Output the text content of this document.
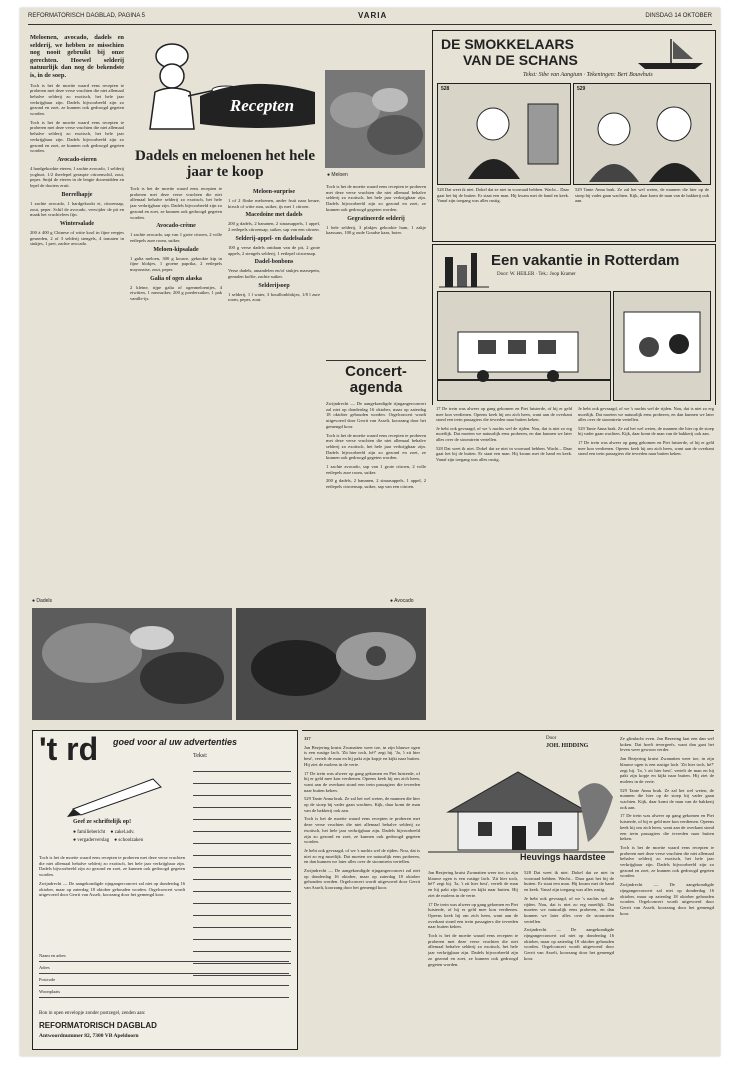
REFORMATORISCH DAGBLAD, PAGINA 5	VARIA	DINSDAG 14 OKTOBER

Meloenen, avocado, dadels en selderij, we hebben ze misschien nog nooit gebruikt bij onze gerechten. Hoewel selderij natuurlijk dan nog de bekendste is, in de soep.

Toch is het de moeite waard eens recepten te proberen met deze verse vruchten die niet allemaal behalve selderij zo exotisch, het hele jaar verkrijgbaar zijn. Dadels bijvoorbeeld zijn zo gezond en zoet, ze kunnen ook gedroogd gegeten worden.

Toch is het de moeite waard eens recepten te proberen met deze verse vruchten die niet allemaal behalve selderij zo exotisch, het hele jaar verkrijgbaar zijn. Dadels bijvoorbeeld zijn zo gezond en zoet, ze kunnen ook gedroogd gegeten worden.

Avocado-eieren

4 hardgekookte eieren, 1 zachte avocado, 1 selderij yoghurt, 1/2 theelepel geraspte citroenschil, zout, peper. Snijd de eieren in de lengte doormidden en lepel de dooiers eruit.

Borrelhapje

1 zachte avocado, 1 hardgekookt ei, citroensap, zout, peper. Schil de avocado, verwijder de pit en maak het vruchtvlees fijn.

Wintersalade

200 à 400 g Chinese of witte kool in fijne reepjes gesneden, 2 of 3 selderij stengels, 4 tomaten in stukjes, 1 prei, zachte avocado.

● Dadels
Recepten
● Meloen
Dadels en meloenen het hele jaar te koop

Toch is het de moeite waard eens recepten te proberen met deze verse vruchten die niet allemaal behalve selderij zo exotisch, het hele jaar verkrijgbaar zijn. Dadels bijvoorbeeld zijn zo gezond en zoet, ze kunnen ook gedroogd gegeten worden.

Avocado-crème

1 zachte avocado, sap van 1 grote citroen, 2 volle eetlepels zure room, suiker.

Meloen-kipsalade

1 galia meloen, 300 g kouwe, gekookte kip in fijne blokjes, 1 groene paprika, 2 eetlepels mayonaise, zout, peper.

Galia of ogen alaska

2 kleine, rijpe galia of ogenmeloentjes, 4 eiwitten, 1 meosuiker, 200 g poedersuiker, 1 pak vanille-ijs.

Meloen-surprise

1 of 2 flinke meloenen, ander fruit naar keuze, kirsch of witte rum, suiker, ijs met 1 citroen.

Macedoine met dadels

200 g dadels, 2 bananen, 2 sinaasappels, 1 appel, 2 eetlepels citroensap, suiker, sap van een citroen.

Selderij-appel- en dadelsalade

100 g verse dadels ontdaan van de pit, 2 grote appels, 2 stengels selderij, 1 eetlepel citroensap.

Dadel-bonbons

Verse dadels, amandelen en/of stukjes marsepein, gemalen koffie, zachte suiker.

Selderijsoep

1 selderij, 1 l water, 3 bouillonblokjes, 1/8 l zure room, peper, zout.

Toch is het de moeite waard eens recepten te proberen met deze verse vruchten die niet allemaal behalve selderij zo exotisch, het hele jaar verkrijgbaar zijn. Dadels bijvoorbeeld zijn zo gezond en zoet, ze kunnen ook gedroogd gegeten worden.

Gegratineerde selderij

1 hele selderij, 3 plakjes gekookte ham, 1 zakje kaassaus, 100 g oude Goudse kaas, boter.

Concert-agenda

Zwijndrecht — De aangekondigde rijngangerconcert zal niet op donderdag 16 oktober, maar op zaterdag 18 oktober gehouden worden. Orgelconcert wordt uitgevoerd door Gerrit van Asselt, koorzang door het gemengd koor.

Toch is het de moeite waard eens recepten te proberen met deze verse vruchten die niet allemaal behalve selderij zo exotisch, het hele jaar verkrijgbaar zijn. Dadels bijvoorbeeld zijn zo gezond en zoet, ze kunnen ook gedroogd gegeten worden.

1 zachte avocado, sap van 1 grote citroen, 2 volle eetlepels zure room, suiker.

200 g dadels, 2 bananen, 2 sinaasappels, 1 appel, 2 eetlepels citroensap, suiker, sap van een citroen.

● Avocado
DE SMOKKELAARS
VAN DE SCHANS
Tekst: Sibe van Aangium · Tekeningen: Bert Bouwhuis
528	529
528 Dat weet ik niet. Dokel dat ze niet in voorraad hebben. Wacht... Daar gaat het bij de buiten. Er staat een man. Hij kwam met de hand en keek. Vanaf zijn toegang was alles rustig.
529 Tante Anna brak. Ze zal het wel weten, de mannen die hier op de stoep bij vader gaan wachten. Kijk, daar komt de man van de bakkerij ook aan.
Een vakantie in Rotterdam
Door: W. HEILER · Tek.: Joop Kramer

17 De trein was alweer op gang gekomen en Piet luisterde, of hij er geld mee kon verdienen. Opeens keek hij om zich heen, want aan de overkant stond een trein passagiers die tevreden naar buiten keken.

Je hebt ook gevraagd, of we 's nachts wel de rijden. Nou, dat is niet zo erg moeilijk. Dat moeten we natuurlijk eens proberen, en dan kunnen we later alles over de stoomtrein vertellen.

528 Dat weet ik niet. Dokel dat ze niet in voorraad hebben. Wacht... Daar gaat het bij de buiten. Er staat een man. Hij kwam met de hand en keek. Vanaf zijn toegang was alles rustig.

Je hebt ook gevraagd, of we 's nachts wel de rijden. Nou, dat is niet zo erg moeilijk. Dat moeten we natuurlijk eens proberen, en dan kunnen we later alles over de stoomtrein vertellen.

529 Tante Anna brak. Ze zal het wel weten, de mannen die hier op de stoep bij vader gaan wachten. Kijk, daar komt de man van de bakkerij ook aan.

17 De trein was alweer op gang gekomen en Piet luisterde, of hij er geld mee kon verdienen. Opeens keek hij om zich heen, want aan de overkant stond een trein passagiers die tevreden naar buiten keken.

't rd goed voor al uw advertenties
Tekst:
Geef ze schriftelijk op!
● familiebericht    ● zakel.adv.
● vergaderverslag    ● schoolzaken

Toch is het de moeite waard eens recepten te proberen met deze verse vruchten die niet allemaal behalve selderij zo exotisch, het hele jaar verkrijgbaar zijn. Dadels bijvoorbeeld zijn zo gezond en zoet, ze kunnen ook gedroogd gegeten worden.

Zwijndrecht — De aangekondigde rijngangerconcert zal niet op donderdag 16 oktober, maar op zaterdag 18 oktober gehouden worden. Orgelconcert wordt uitgevoerd door Gerrit van Asselt, koorzang door het gemengd koor.

Naam en adres
Adres
Postcode
Woonplaats
Bon in open envelopje zonder postzegel, zenden aan:
REFORMATORISCH DAGBLAD
Antwoordnummer 82, 7300 VB Apeldoorn

117

Jan Bezjering kruist Zwanatten weer toe, in zijn blauwe ogen is een rustige lach. 'Zit hier toch, hè?' zegt hij. 'Ja, 't zit hier best', vertelt de man en hij pakt zijn kopje en kijkt naar buiten. Hij ziet de molens in de verte.

17 De trein was alweer op gang gekomen en Piet luisterde, of hij er geld mee kon verdienen. Opeens keek hij om zich heen, want aan de overkant stond een trein passagiers die tevreden naar buiten keken.

529 Tante Anna brak. Ze zal het wel weten, de mannen die hier op de stoep bij vader gaan wachten. Kijk, daar komt de man van de bakkerij ook aan.

Toch is het de moeite waard eens recepten te proberen met deze verse vruchten die niet allemaal behalve selderij zo exotisch, het hele jaar verkrijgbaar zijn. Dadels bijvoorbeeld zijn zo gezond en zoet, ze kunnen ook gedroogd gegeten worden.

Je hebt ook gevraagd, of we 's nachts wel de rijden. Nou, dat is niet zo erg moeilijk. Dat moeten we natuurlijk eens proberen, en dan kunnen we later alles over de stoomtrein vertellen.

Zwijndrecht — De aangekondigde rijngangerconcert zal niet op donderdag 16 oktober, maar op zaterdag 18 oktober gehouden worden. Orgelconcert wordt uitgevoerd door Gerrit van Asselt, koorzang door het gemengd koor.

Door
JOH. HIDDING
Heuvings haardstee

Jan Bezjering kruist Zwanatten weer toe, in zijn blauwe ogen is een rustige lach. 'Zit hier toch, hè?' zegt hij. 'Ja, 't zit hier best', vertelt de man en hij pakt zijn kopje en kijkt naar buiten. Hij ziet de molens in de verte.

17 De trein was alweer op gang gekomen en Piet luisterde, of hij er geld mee kon verdienen. Opeens keek hij om zich heen, want aan de overkant stond een trein passagiers die tevreden naar buiten keken.

Toch is het de moeite waard eens recepten te proberen met deze verse vruchten die niet allemaal behalve selderij zo exotisch, het hele jaar verkrijgbaar zijn. Dadels bijvoorbeeld zijn zo gezond en zoet, ze kunnen ook gedroogd gegeten worden.

528 Dat weet ik niet. Dokel dat ze niet in voorraad hebben. Wacht... Daar gaat het bij de buiten. Er staat een man. Hij kwam met de hand en keek. Vanaf zijn toegang was alles rustig.

Je hebt ook gevraagd, of we 's nachts wel de rijden. Nou, dat is niet zo erg moeilijk. Dat moeten we natuurlijk eens proberen, en dan kunnen we later alles over de stoomtrein vertellen.

Zwijndrecht — De aangekondigde rijngangerconcert zal niet op donderdag 16 oktober, maar op zaterdag 18 oktober gehouden worden. Orgelconcert wordt uitgevoerd door Gerrit van Asselt, koorzang door het gemengd koor.

Ze glimlacht even. Jan Bezering laat een dan wel koken. Dat hoeft tevergeefs, want dan gaat het leven weer gewoon verder.

Jan Bezjering kruist Zwanatten weer toe, in zijn blauwe ogen is een rustige lach. 'Zit hier toch, hè?' zegt hij. 'Ja, 't zit hier best', vertelt de man en hij pakt zijn kopje en kijkt naar buiten. Hij ziet de molens in de verte.

529 Tante Anna brak. Ze zal het wel weten, de mannen die hier op de stoep bij vader gaan wachten. Kijk, daar komt de man van de bakkerij ook aan.

17 De trein was alweer op gang gekomen en Piet luisterde, of hij er geld mee kon verdienen. Opeens keek hij om zich heen, want aan de overkant stond een trein passagiers die tevreden naar buiten keken.

Toch is het de moeite waard eens recepten te proberen met deze verse vruchten die niet allemaal behalve selderij zo exotisch, het hele jaar verkrijgbaar zijn. Dadels bijvoorbeeld zijn zo gezond en zoet, ze kunnen ook gedroogd gegeten worden.

Zwijndrecht — De aangekondigde rijngangerconcert zal niet op donderdag 16 oktober, maar op zaterdag 18 oktober gehouden worden. Orgelconcert wordt uitgevoerd door Gerrit van Asselt, koorzang door het gemengd koor.
